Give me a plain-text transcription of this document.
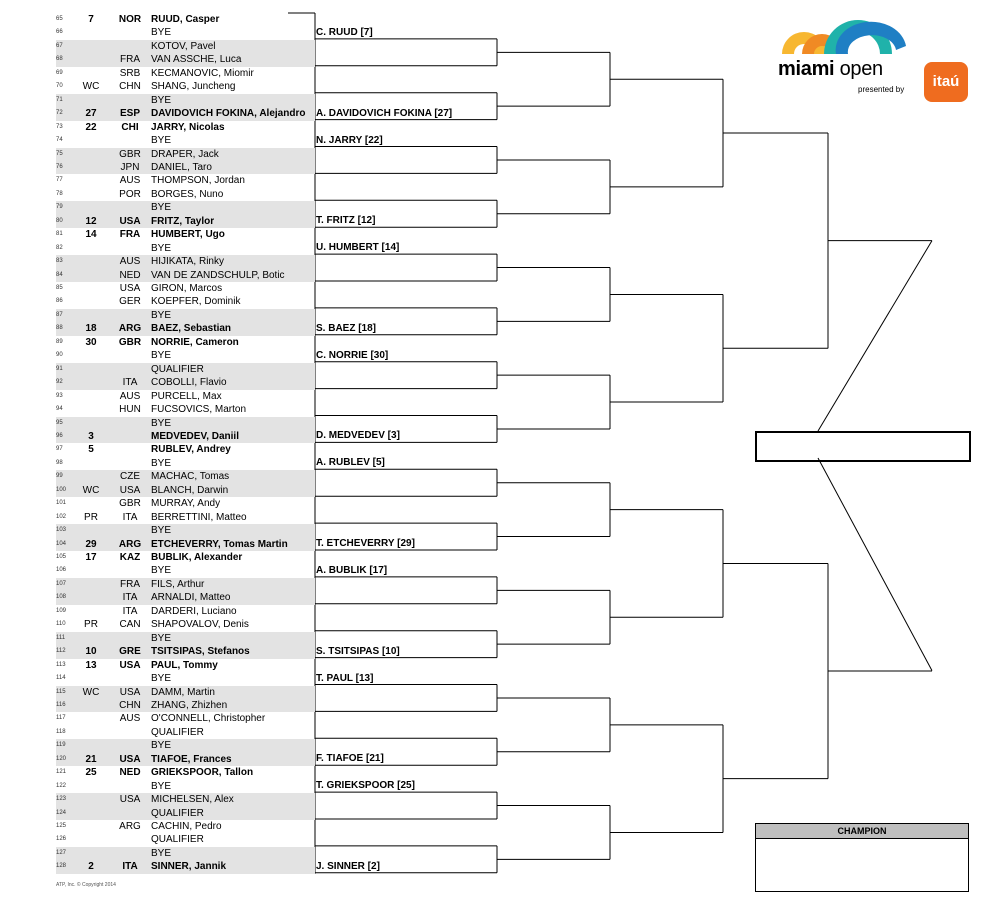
65	7	NOR RUUD, Casper
66	BYE
67	KOTOV, Pavel
68	FRA	VAN ASSCHE, Luca
69	SRB	KECMANOVIC, Miomir
70	WC	CHN	SHANG, Juncheng
71	BYE
72	27	ESP	DAVIDOVICH FOKINA, Alejandro
73	22	CHI	JARRY, Nicolas
74	BYE
75	GBR	DRAPER, Jack
76	JPN	DANIEL, Taro
77	AUS	THOMPSON, Jordan
78	POR	BORGES, Nuno
79	BYE
80	12	USA	FRITZ, Taylor
81	14	FRA	HUMBERT, Ugo
82	BYE
83	AUS	HIJIKATA, Rinky
84	NED	VAN DE ZANDSCHULP, Botic
85	USA	GIRON, Marcos
86	GER	KOEPFER, Dominik
87	BYE
88	18	ARG BAEZ, Sebastian
89	30	GBR NORRIE, Cameron
90	BYE
91	QUALIFIER
92	ITA	COBOLLI, Flavio
93	AUS	PURCELL, Max
94	HUN	FUCSOVICS, Marton
95	BYE
96	3	MEDVEDEV, Daniil
97	5	RUBLEV, Andrey
98	BYE
99	CZE	MACHAC, Tomas
100	WC	USA	BLANCH, Darwin
101	GBR	MURRAY, Andy
102	PR	ITA	BERRETTINI, Matteo
103	BYE
104	29	ARG ETCHEVERRY, Tomas Martin
105	17	KAZ	BUBLIK, Alexander
106	BYE
107	FRA	FILS, Arthur
108	ITA	ARNALDI, Matteo
109	ITA	DARDERI, Luciano
110	PR	CAN	SHAPOVALOV, Denis
111	BYE
112	10	GRE	TSITSIPAS, Stefanos
113	13	USA	PAUL, Tommy
114	BYE
115	WC	USA	DAMM, Martin
116	CHN	ZHANG, Zhizhen
117	AUS	O'CONNELL, Christopher
118	QUALIFIER
119	BYE
120	21	USA	TIAFOE, Frances
121	25	NED	GRIEKSPOOR, Tallon
122	BYE
123	USA	MICHELSEN, Alex
124	QUALIFIER
125	ARG	CACHIN, Pedro
126	QUALIFIER
127	BYE
128	2	ITA	SINNER, Jannik
C. RUUD [7]
A. DAVIDOVICH FOKINA [27]
N. JARRY [22]
T. FRITZ [12]
U. HUMBERT [14]
S. BAEZ [18]
C. NORRIE [30]
D. MEDVEDEV [3]
A. RUBLEV [5]
T. ETCHEVERRY [29]
A. BUBLIK [17]
S. TSITSIPAS [10]
T. PAUL [13]
F. TIAFOE [21]
T. GRIEKSPOOR [25]
J. SINNER [2]
miami open
presented by	itaú
CHAMPION
ATP, Inc. © Copyright 2014
